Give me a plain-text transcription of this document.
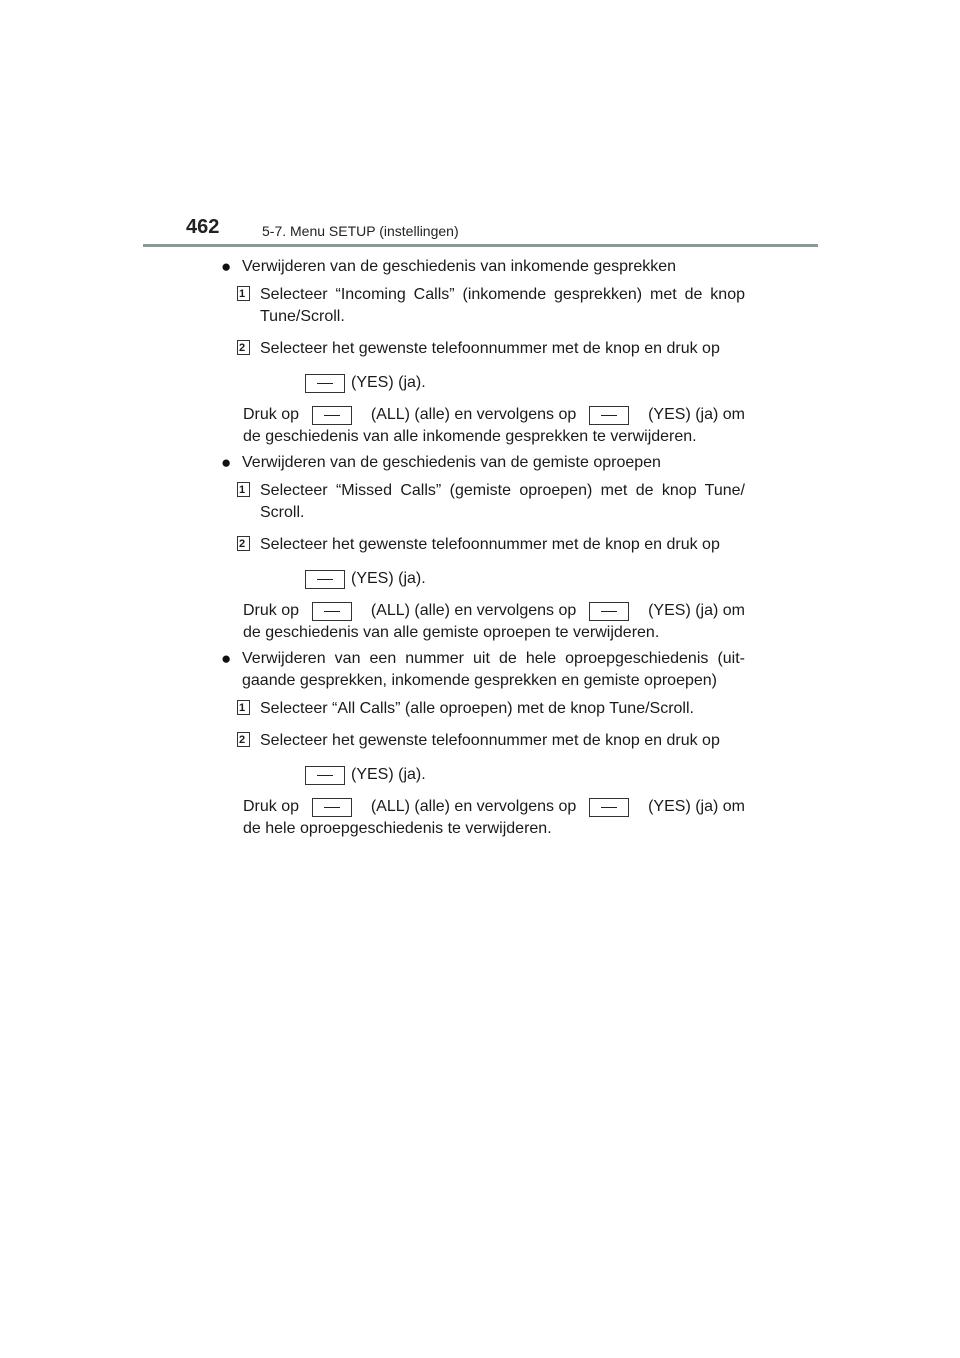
462	5-7. Menu SETUP (instellingen)
● Verwijderen van de geschiedenis van inkomende gesprekken
1 Selecteer “Incoming Calls” (inkomende gesprekken) met de knop Tune/Scroll.
2 Selecteer het gewenste telefoonnummer met de knop en druk op
(YES) (ja).
Druk op	(ALL) (alle) en vervolgens op	(YES) (ja) om
de geschiedenis van alle inkomende gesprekken te verwijderen.
● Verwijderen van de geschiedenis van de gemiste oproepen
1 Selecteer “Missed Calls” (gemiste oproepen) met de knop Tune/ Scroll.
2 Selecteer het gewenste telefoonnummer met de knop en druk op
(YES) (ja).
Druk op	(ALL) (alle) en vervolgens op	(YES) (ja) om
de geschiedenis van alle gemiste oproepen te verwijderen.
● Verwijderen van een nummer uit de hele oproepgeschiedenis (uit- gaande gesprekken, inkomende gesprekken en gemiste oproepen)
1 Selecteer “All Calls” (alle oproepen) met de knop Tune/Scroll.
2 Selecteer het gewenste telefoonnummer met de knop en druk op
(YES) (ja).
Druk op	(ALL) (alle) en vervolgens op	(YES) (ja) om
de hele oproepgeschiedenis te verwijderen.
